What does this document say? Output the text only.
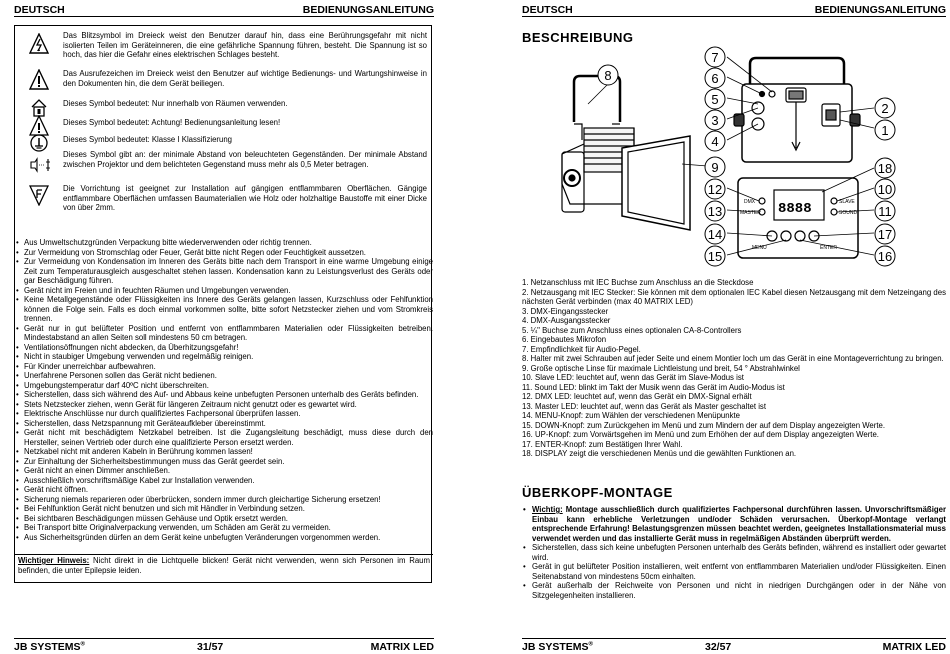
DEUTSCH	BEDIENUNGSANLEITUNG
Das Blitzsymbol im Dreieck weist den Benutzer darauf hin, dass eine Berührungsgefahr mit nicht isolierten Teilen im Geräteinneren, die eine gefährliche Spannung führen, besteht. Die Spannung ist so hoch, das hier die Gefahr eines elektrischen Schlages besteht.
Das Ausrufezeichen im Dreieck weist den Benutzer auf wichtige Bedienungs- und Wartungshinweise in den Dokumenten hin, die dem Gerät beiliegen.
Dieses Symbol bedeutet: Nur innerhalb von Räumen verwenden.
Dieses Symbol bedeutet: Achtung! Bedienungsanleitung lesen!
Dieses Symbol bedeutet: Klasse I Klassifizierung
Dieses Symbol gibt an: der minimale Abstand von beleuchteten Gegenständen. Der minimale Abstand zwischen Projektor und dem belichteten Gegenstand muss mehr als 0,5 Meter betragen.
Die Vorrichtung ist geeignet zur Installation auf gängigen entflammbaren Oberflächen. Gängige entflammbare Oberflächen umfassen Baumaterialien wie Holz oder holzhaltige Baustoffe mit einer Dicke von über 2mm.
• Aus Umweltschutzgründen Verpackung bitte wiederverwenden oder richtig trennen.
• Zur Vermeidung von Stromschlag oder Feuer, Gerät bitte nicht Regen oder Feuchtigkeit aussetzen.
• Zur Vermeidung von Kondensation im Inneren des Geräts bitte nach dem Transport in eine warme Umgebung einige Zeit zum Temperaturausgleich ausgeschaltet stehen lassen. Kondensation kann zu Leistungsverlust des Geräts oder gar Beschädigung führen.
• Gerät nicht im Freien und in feuchten Räumen und Umgebungen verwenden.
• Keine Metallgegenstände oder Flüssigkeiten ins Innere des Geräts gelangen lassen, Kurzschluss oder Fehlfunktion können die Folge sein. Falls es doch einmal vorkommen sollte, bitte sofort Netzstecker ziehen und vom Stromkreis trennen.
• Gerät nur in gut belüfteter Position und entfernt von entflammbaren Materialien oder Flüssigkeiten betreiben. Mindestabstand an allen Seiten soll mindestens 50 cm betragen.
• Ventilationsöffnungen nicht abdecken, da Überhitzungsgefahr!
• Nicht in staubiger Umgebung verwenden und regelmäßig reinigen.
• Für Kinder unerreichbar aufbewahren.
• Unerfahrene Personen sollen das Gerät nicht bedienen.
• Umgebungstemperatur darf 40ºC nicht überschreiten.
• Sicherstellen, dass sich während des Auf- und Abbaus keine unbefugten Personen unterhalb des Geräts befinden.
• Stets Netzstecker ziehen, wenn Gerät für längeren Zeitraum nicht genutzt oder es gewartet wird.
• Elektrische Anschlüsse nur durch qualifiziertes Fachpersonal überprüfen lassen.
• Sicherstellen, dass Netzspannung mit Geräteaufkleber übereinstimmt.
• Gerät nicht mit beschädigtem Netzkabel betreiben. Ist die Zugangsleitung beschädigt, muss diese durch den Hersteller, seinen Vertrieb oder durch eine qualifizierte Person ersetzt werden.
• Netzkabel nicht mit anderen Kabeln in Berührung kommen lassen!
• Zur Einhaltung der Sicherheitsbestimmungen muss das Gerät geerdet sein.
• Gerät nicht an einen Dimmer anschließen.
• Ausschließlich vorschriftsmäßige Kabel zur Installation verwenden.
• Gerät nicht öffnen.
• Sicherung niemals reparieren oder überbrücken, sondern immer durch gleichartige Sicherung ersetzen!
• Bei Fehlfunktion Gerät nicht benutzen und sich mit Händler in Verbindung setzen.
• Bei sichtbaren Beschädigungen müssen Gehäuse und Optik ersetzt werden.
• Bei Transport bitte Originalverpackung verwenden, um Schäden am Gerät zu vermeiden.
• Aus Sicherheitsgründen dürfen an dem Gerät keine unbefugten Veränderungen vorgenommen werden.
Wichtiger Hinweis: Nicht direkt in die Lichtquelle blicken! Gerät nicht verwenden, wenn sich Personen im Raum befinden, die unter Epilepsie leiden.
JB SYSTEMS®	31/57	MATRIX LED
DEUTSCH	BEDIENUNGSANLEITUNG
BESCHREIBUNG
DMX
MASTER
SLAVE
SOUND
MENU	ENTER
8888
8
7
6
5
3
4
9
12
13
14
15
2
1
18
10
11
17
16
1. Netzanschluss mit IEC Buchse zum Anschluss an die Steckdose
2. Netzausgang mit IEC Stecker: Sie können mit dem optionalen IEC Kabel diesen Netzausgang mit dem Netzeingang des nächsten Gerät verbinden (max 40 MATRIX LED)
3. DMX-Eingangsstecker
4. DMX-Ausgangsstecker
5. ¼" Buchse zum Anschluss eines optionalen CA-8-Controllers
6. Eingebautes Mikrofon
7. Empfindlichkeit für Audio-Pegel.
8. Halter mit zwei Schrauben auf jeder Seite und einem Montier loch um das Gerät in eine Montageverrichtung zu bringen.
9. Große optische Linse für maximale Lichtleistung und breit, 54 ° Abstrahlwinkel
10. Slave LED: leuchtet auf, wenn das Gerät im Slave-Modus ist
11. Sound LED: blinkt im Takt der Musik wenn das Gerät im Audio-Modus ist
12. DMX LED: leuchtet auf, wenn das Gerät ein DMX-Signal erhält
13. Master LED: leuchtet auf, wenn das Gerät als Master geschaltet ist
14. MENU-Knopf: zum Wählen der verschiedenen Menüpunkte
15. DOWN-Knopf: zum Zurückgehen im Menü und zum Mindern der auf dem Display angezeigten Werte.
16. UP-Knopf: zum Vorwärtsgehen im Menü und zum Erhöhen der auf dem Display angezeigten Werte.
17. ENTER-Knopf: zum Bestätigen Ihrer Wahl.
18. DISPLAY zeigt die verschiedenen Menüs und die gewählten Funktionen an.
ÜBERKOPF-MONTAGE
• Wichtig: Montage ausschließlich durch qualifiziertes Fachpersonal durchführen lassen. Unvorschriftsmäßiger Einbau kann erhebliche Verletzungen und/oder Schäden verursachen. Überkopf-Montage verlangt entsprechende Erfahrung! Belastungsgrenzen müssen beachtet werden, geeignetes Installationsmaterial muss verwendet werden und das installierte Gerät muss in regelmäßigen Abständen überprüft werden.
• Sicherstellen, dass sich keine unbefugten Personen unterhalb des Geräts befinden, während es installiert oder gewartet wird.
• Gerät in gut belüfteter Position installieren, weit entfernt von entflammbaren Materialien und/oder Flüssigkeiten. Einen Seitenabstand von mindestens 50cm einhalten.
• Gerät außerhalb der Reichweite von Personen und nicht in niedrigen Durchgängen oder in der Nähe von Sitzgelegenheiten installieren.
JB SYSTEMS®	32/57	MATRIX LED
